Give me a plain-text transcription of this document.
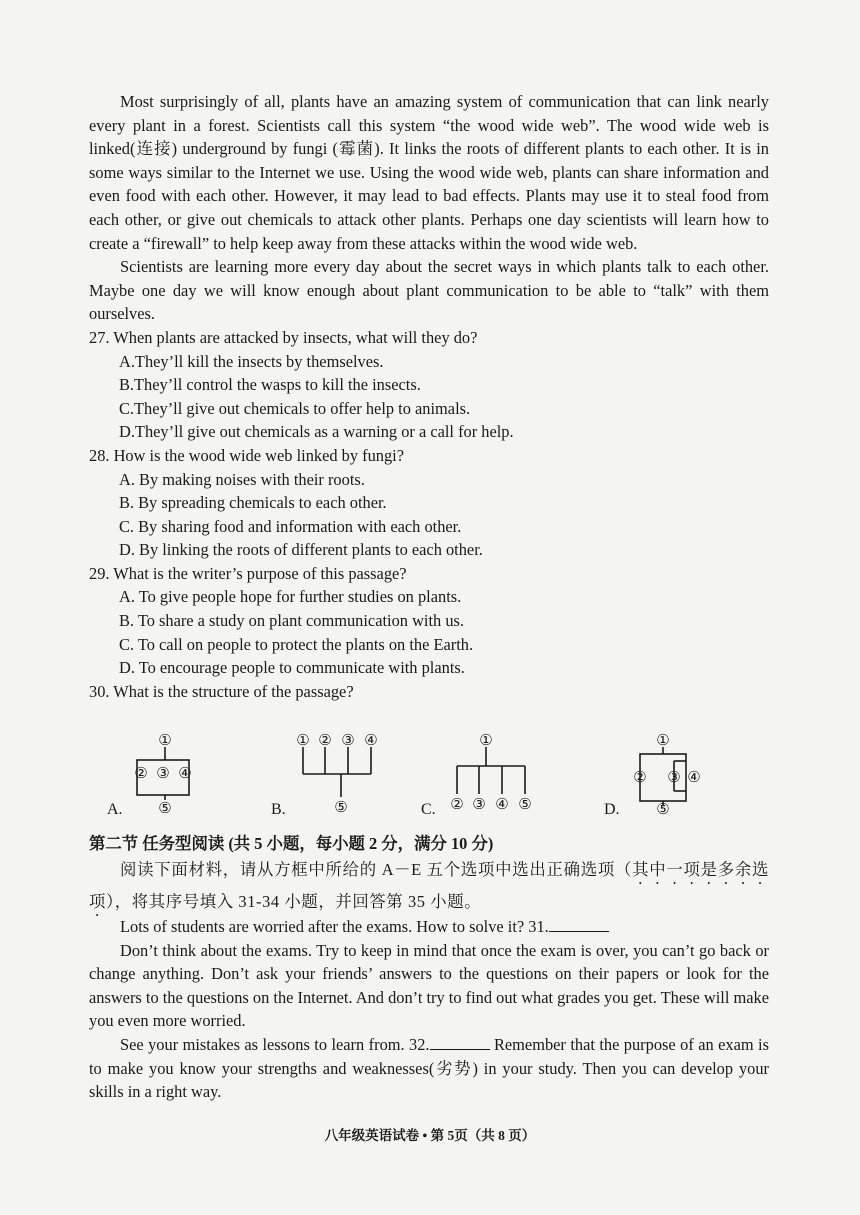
Most surprisingly of all, plants have an amazing system of communication that can link nearly every plant in a forest. Scientists call this system “the wood wide web”. The wood wide web is linked(连接) underground by fungi (霉菌). It links the roots of different plants to each other. It is in some ways similar to the Internet we use. Using the wood wide web, plants can share information and even food with each other. However, it may lead to bad effects. Plants may use it to steal food from each other, or give out chemicals to attack other plants. Perhaps one day scientists will learn how to create a “firewall” to help keep away from these attacks within the wood wide web.

Scientists are learning more every day about the secret ways in which plants talk to each other. Maybe one day we will know enough about plant communication to be able to “talk” with them ourselves.

27. When plants are attacked by insects, what will they do?

A.They’ll kill the insects by themselves.

B.They’ll control the wasps to kill the insects.

C.They’ll give out chemicals to offer help to animals.

D.They’ll give out chemicals as a warning or a call for help.

28. How is the wood wide web linked by fungi?

A. By making noises with their roots.

B. By spreading chemicals to each other.

C. By sharing food and information with each other.

D. By linking the roots of different plants to each other.

29. What is the writer’s purpose of this passage?

A. To give people hope for further studies on plants.

B. To share a study on plant communication with us.

C. To call on people to protect the plants on the Earth.

D. To encourage people to communicate with plants.

30. What is the structure of the passage?

①
② ③ ④
⑤
① ② ③ ④
⑤
①
② ③ ④ ⑤
①
② ③ ④
⑤
A.	B.	C.	D.
第二节 任务型阅读 (共 5 小题，每小题 2 分，满分 10 分)
阅读下面材料，请从方框中所给的 A－E 五个选项中选出正确选项（其中一项是多余选项），将其序号填入 31-34 小题，并回答第 35 小题。

Lots of students are worried after the exams. How to solve it? 31.

Don’t think about the exams. Try to keep in mind that once the exam is over, you can’t go back or change anything. Don’t ask your friends’ answers to the questions on their papers or look for the answers to the questions on the Internet. And don’t try to find out what grades you get. These will make you even more worried.

See your mistakes as lessons to learn from. 32.	Remember that the purpose of an exam is to make you know your strengths and weaknesses(劣势) in your study. Then you can develop your skills in a right way.

八年级英语试卷 • 第 5页（共 8 页）
